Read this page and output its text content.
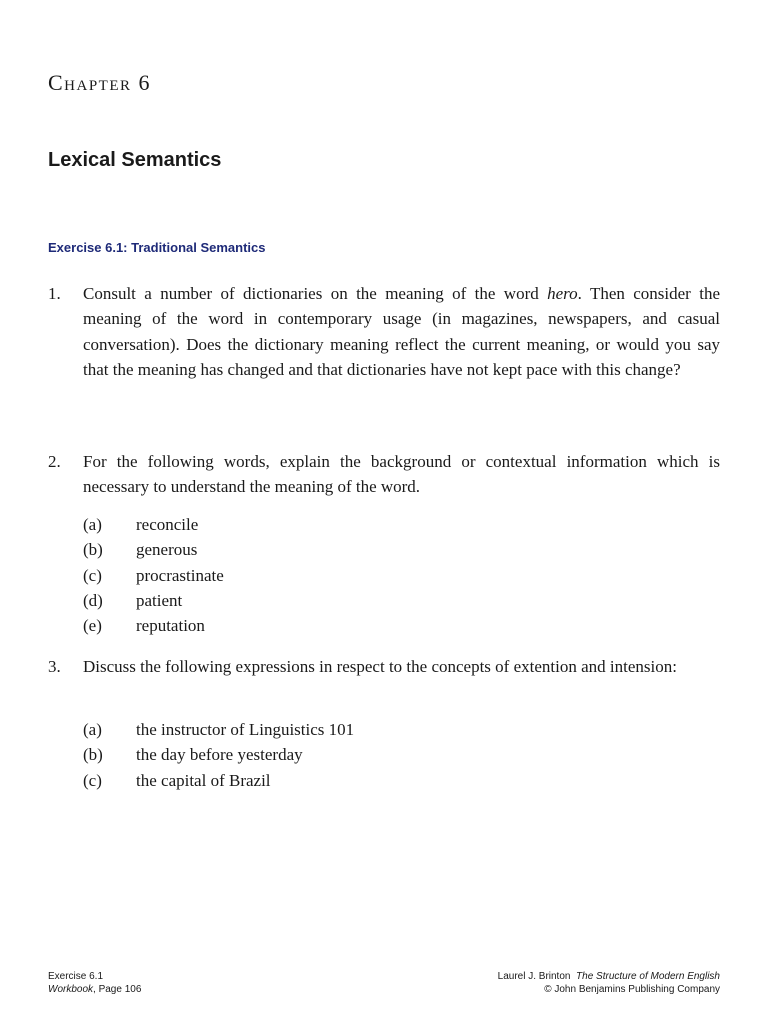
Chapter 6
Lexical Semantics
Exercise 6.1: Traditional Semantics
1. Consult a number of dictionaries on the meaning of the word hero. Then consider the meaning of the word in contemporary usage (in magazines, newspapers, and casual conversation). Does the dictionary meaning reflect the current meaning, or would you say that the meaning has changed and that dictionaries have not kept pace with this change?
2. For the following words, explain the background or contextual information which is necessary to understand the meaning of the word.
(a)	reconcile
(b)	generous
(c)	procrastinate
(d)	patient
(e)	reputation
3. Discuss the following expressions in respect to the concepts of extention and intension:
(a)	the instructor of Linguistics 101
(b)	the day before yesterday
(c)	the capital of Brazil
Exercise 6.1
Workbook, Page 106
Laurel J. Brinton The Structure of Modern English
© John Benjamins Publishing Company
